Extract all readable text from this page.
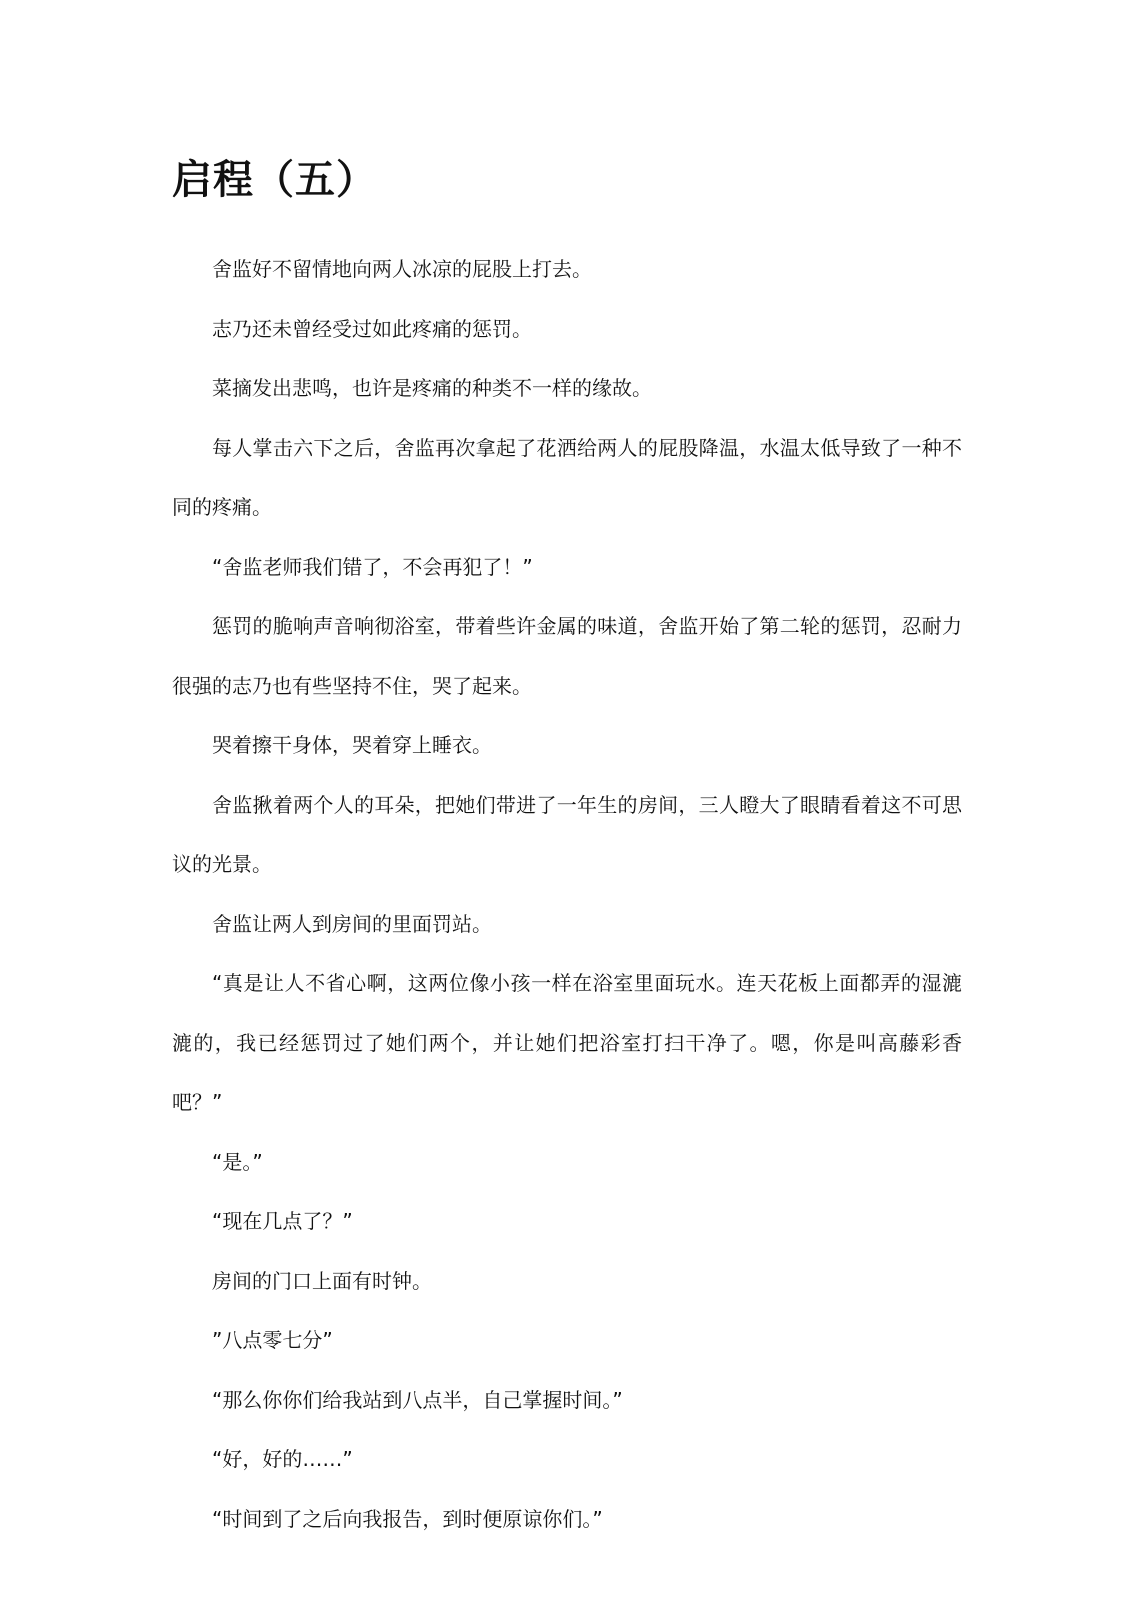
启程（五）

舍监好不留情地向两人冰凉的屁股上打去。

志乃还未曾经受过如此疼痛的惩罚。

菜摘发出悲鸣，也许是疼痛的种类不一样的缘故。

每人掌击六下之后，舍监再次拿起了花洒给两人的屁股降温，水温太低导致了一种不同的疼痛。

“舍监老师我们错了，不会再犯了！”

惩罚的脆响声音响彻浴室，带着些许金属的味道，舍监开始了第二轮的惩罚，忍耐力很强的志乃也有些坚持不住，哭了起来。

哭着擦干身体，哭着穿上睡衣。

舍监揪着两个人的耳朵，把她们带进了一年生的房间，三人瞪大了眼睛看着这不可思议的光景。

舍监让两人到房间的里面罚站。

“真是让人不省心啊，这两位像小孩一样在浴室里面玩水。连天花板上面都弄的湿漉漉的，我已经惩罚过了她们两个，并让她们把浴室打扫干净了。嗯，你是叫高藤彩香吧？”

“是。”

“现在几点了？”

房间的门口上面有时钟。

”八点零七分”

“那么你你们给我站到八点半，自己掌握时间。”

“好，好的……”

“时间到了之后向我报告，到时便原谅你们。”
